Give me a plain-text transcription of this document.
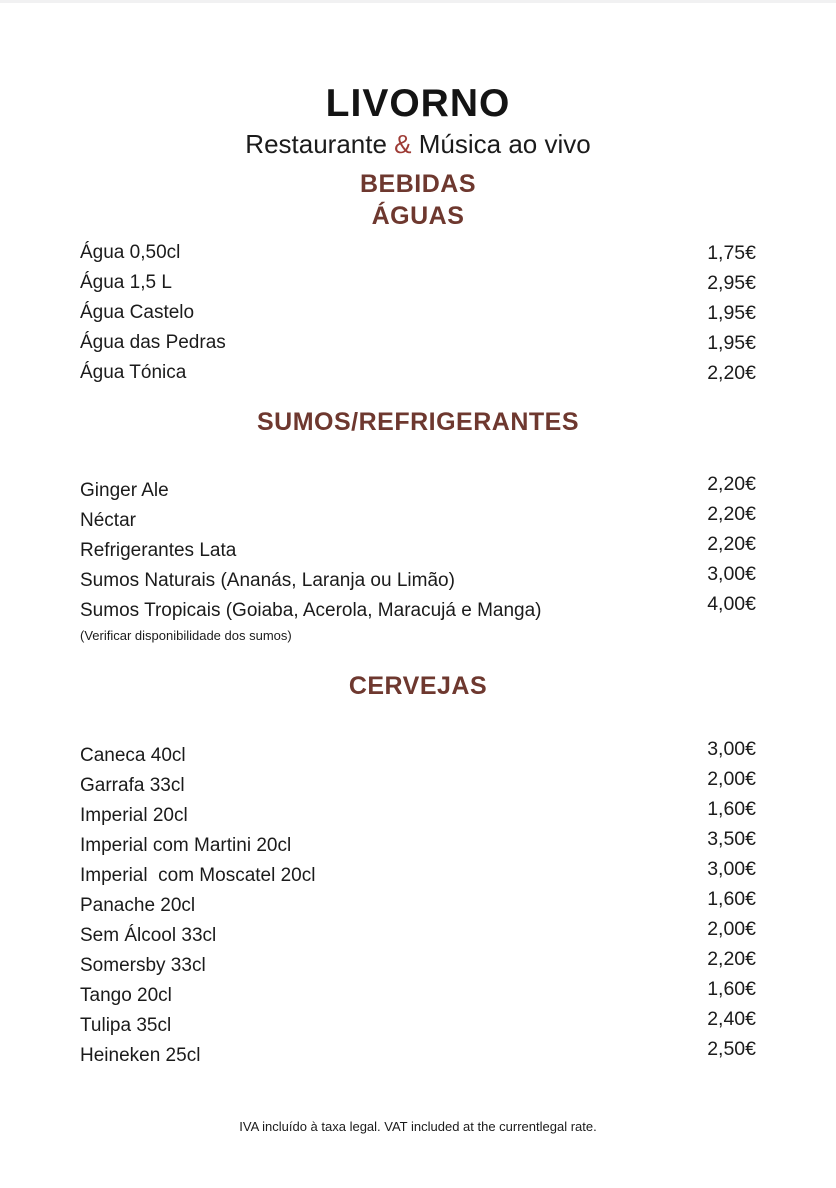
LIVORNO

Restaurante & Música ao vivo

BEBIDAS
ÁGUAS
Água 0,50cl	1,75€
Água 1,5 L	2,95€
Água Castelo	1,95€
Água das Pedras	1,95€
Água Tónica	2,20€
SUMOS/REFRIGERANTES
Ginger Ale	2,20€
Néctar	2,20€
Refrigerantes Lata	2,20€
Sumos Naturais (Ananás, Laranja ou Limão)	3,00€
Sumos Tropicais (Goiaba, Acerola, Maracujá e Manga)	4,00€

(Verificar disponibilidade dos sumos)

CERVEJAS
Caneca 40cl	3,00€
Garrafa 33cl	2,00€
Imperial 20cl	1,60€
Imperial com Martini 20cl	3,50€
Imperial  com Moscatel 20cl	3,00€
Panache 20cl	1,60€
Sem Álcool 33cl	2,00€
Somersby 33cl	2,20€
Tango 20cl	1,60€
Tulipa 35cl	2,40€
Heineken 25cl	2,50€

IVA incluído à taxa legal. VAT included at the currentlegal rate.
